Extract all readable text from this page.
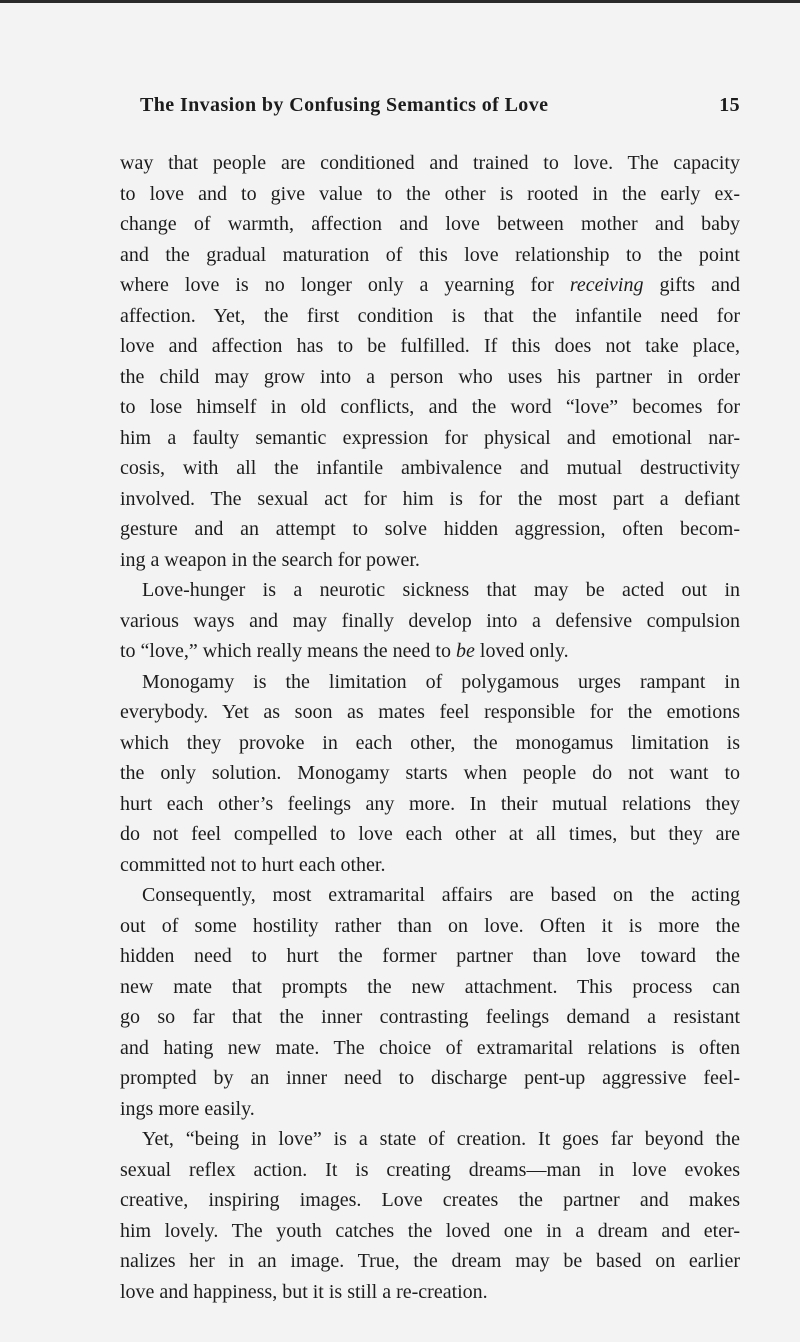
The Invasion by Confusing Semantics of Love	15
way that people are conditioned and trained to love. The capacity
to love and to give value to the other is rooted in the early ex-
change of warmth, affection and love between mother and baby
and the gradual maturation of this love relationship to the point
where love is no longer only a yearning for receiving gifts and
affection. Yet, the first condition is that the infantile need for
love and affection has to be fulfilled. If this does not take place,
the child may grow into a person who uses his partner in order
to lose himself in old conflicts, and the word “love” becomes for
him a faulty semantic expression for physical and emotional nar-
cosis, with all the infantile ambivalence and mutual destructivity
involved. The sexual act for him is for the most part a defiant
gesture and an attempt to solve hidden aggression, often becom-
ing a weapon in the search for power.
Love-hunger is a neurotic sickness that may be acted out in
various ways and may finally develop into a defensive compulsion
to “love,” which really means the need to be loved only.
Monogamy is the limitation of polygamous urges rampant in
everybody. Yet as soon as mates feel responsible for the emotions
which they provoke in each other, the monogamus limitation is
the only solution. Monogamy starts when people do not want to
hurt each other’s feelings any more. In their mutual relations they
do not feel compelled to love each other at all times, but they are
committed not to hurt each other.
Consequently, most extramarital affairs are based on the acting
out of some hostility rather than on love. Often it is more the
hidden need to hurt the former partner than love toward the
new mate that prompts the new attachment. This process can
go so far that the inner contrasting feelings demand a resistant
and hating new mate. The choice of extramarital relations is often
prompted by an inner need to discharge pent-up aggressive feel-
ings more easily.
Yet, “being in love” is a state of creation. It goes far beyond the
sexual reflex action. It is creating dreams—man in love evokes
creative, inspiring images. Love creates the partner and makes
him lovely. The youth catches the loved one in a dream and eter-
nalizes her in an image. True, the dream may be based on earlier
love and happiness, but it is still a re-creation.
